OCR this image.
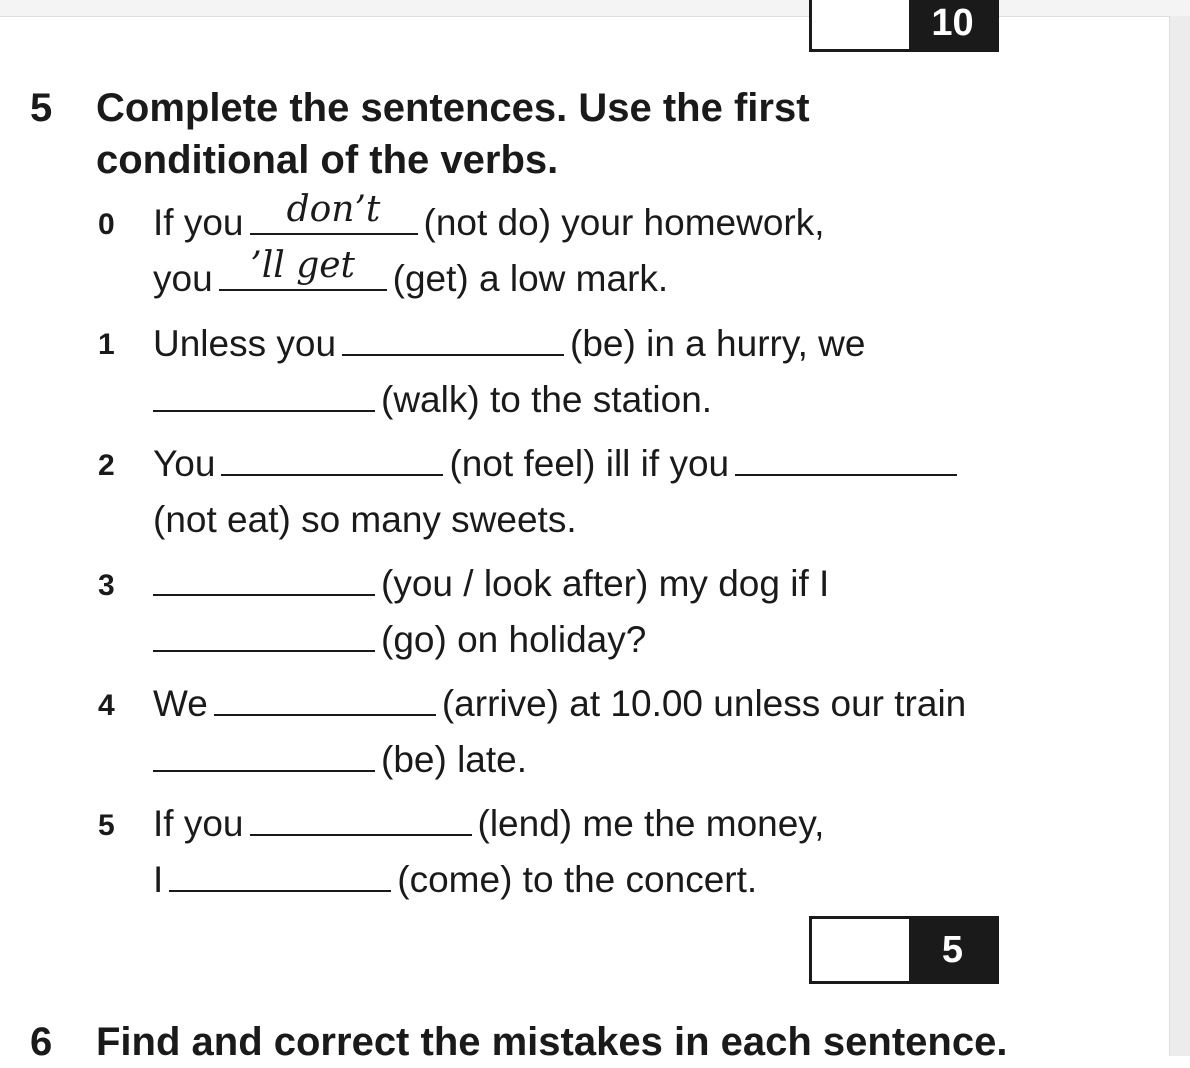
10
5 Complete the sentences. Use the first conditional of the verbs.
0 If you	don’t	(not do) your homework,
you	’ll get	(get) a low mark.
1 Unless you	(be) in a hurry, we
(walk) to the station.
2 You	(not feel) ill if you
(not eat) so many sweets.
3	(you / look after) my dog if I
(go) on holiday?
4 We	(arrive) at 10.00 unless our train
(be) late.
5 If you	(lend) me the money,
I	(come) to the concert.
5
6 Find and correct the mistakes in each sentence.
